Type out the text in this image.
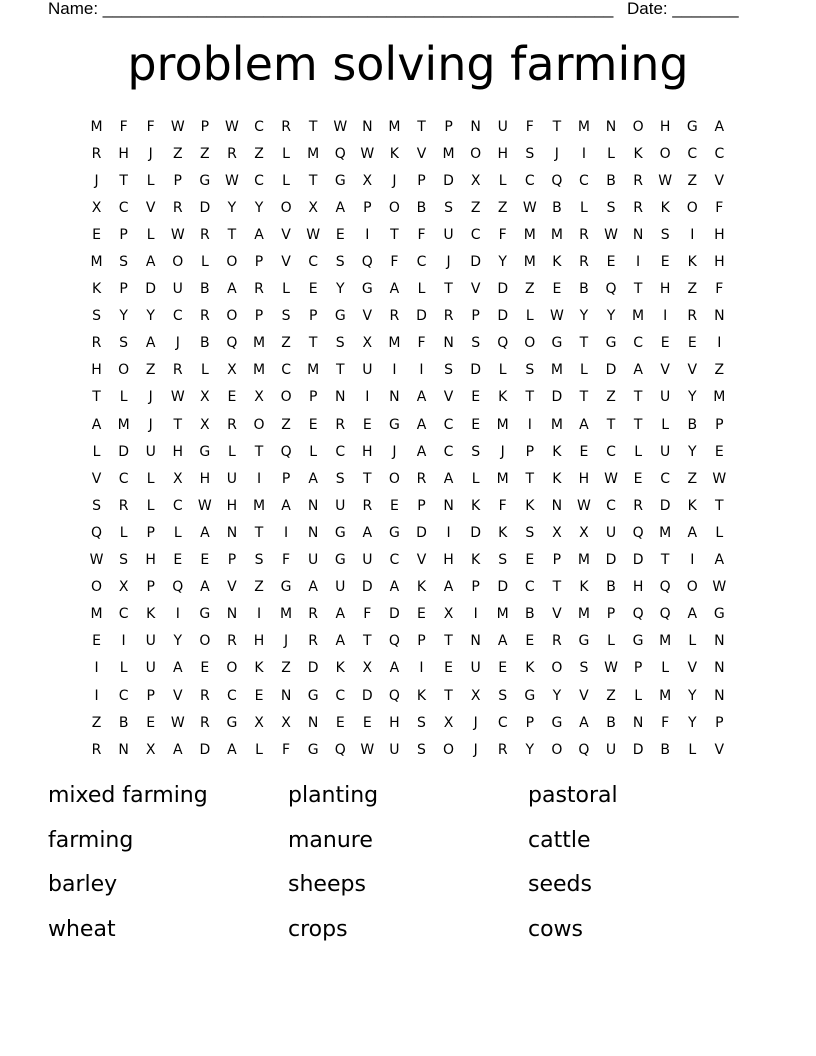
Name: ______________________________________________________ Date: _______
problem solving farming
M	F	F	W	P	W	C	R	T	W	N	M	T	P	N	U	F	T	M	N	O	H	G	A
R	H	J	Z	Z	R	Z	L	M	Q	W	K	V	M	O	H	S	J	I	L	K	O	C	C
J	T	L	P	G	W	C	L	T	G	X	J	P	D	X	L	C	Q	C	B	R	W	Z	V
X	C	V	R	D	Y	Y	O	X	A	P	O	B	S	Z	Z	W	B	L	S	R	K	O	F
E	P	L	W	R	T	A	V	W	E	I	T	F	U	C	F	M	M	R	W	N	S	I	H
M	S	A	O	L	O	P	V	C	S	Q	F	C	J	D	Y	M	K	R	E	I	E	K	H
K	P	D	U	B	A	R	L	E	Y	G	A	L	T	V	D	Z	E	B	Q	T	H	Z	F
S	Y	Y	C	R	O	P	S	P	G	V	R	D	R	P	D	L	W	Y	Y	M	I	R	N
R	S	A	J	B	Q	M	Z	T	S	X	M	F	N	S	Q	O	G	T	G	C	E	E	I
H	O	Z	R	L	X	M	C	M	T	U	I	I	S	D	L	S	M	L	D	A	V	V	Z
T	L	J	W	X	E	X	O	P	N	I	N	A	V	E	K	T	D	T	Z	T	U	Y	M
A	M	J	T	X	R	O	Z	E	R	E	G	A	C	E	M	I	M	A	T	T	L	B	P
L	D	U	H	G	L	T	Q	L	C	H	J	A	C	S	J	P	K	E	C	L	U	Y	E
V	C	L	X	H	U	I	P	A	S	T	O	R	A	L	M	T	K	H	W	E	C	Z	W
S	R	L	C	W	H	M	A	N	U	R	E	P	N	K	F	K	N	W	C	R	D	K	T
Q	L	P	L	A	N	T	I	N	G	A	G	D	I	D	K	S	X	X	U	Q	M	A	L
W	S	H	E	E	P	S	F	U	G	U	C	V	H	K	S	E	P	M	D	D	T	I	A
O	X	P	Q	A	V	Z	G	A	U	D	A	K	A	P	D	C	T	K	B	H	Q	O	W
M	C	K	I	G	N	I	M	R	A	F	D	E	X	I	M	B	V	M	P	Q	Q	A	G
E	I	U	Y	O	R	H	J	R	A	T	Q	P	T	N	A	E	R	G	L	G	M	L	N
I	L	U	A	E	O	K	Z	D	K	X	A	I	E	U	E	K	O	S	W	P	L	V	N
I	C	P	V	R	C	E	N	G	C	D	Q	K	T	X	S	G	Y	V	Z	L	M	Y	N
Z	B	E	W	R	G	X	X	N	E	E	H	S	X	J	C	P	G	A	B	N	F	Y	P
R	N	X	A	D	A	L	F	G	Q	W	U	S	O	J	R	Y	O	Q	U	D	B	L	V
mixed farming	planting	pastoral
farming	manure	cattle
barley	sheeps	seeds
wheat	crops	cows
